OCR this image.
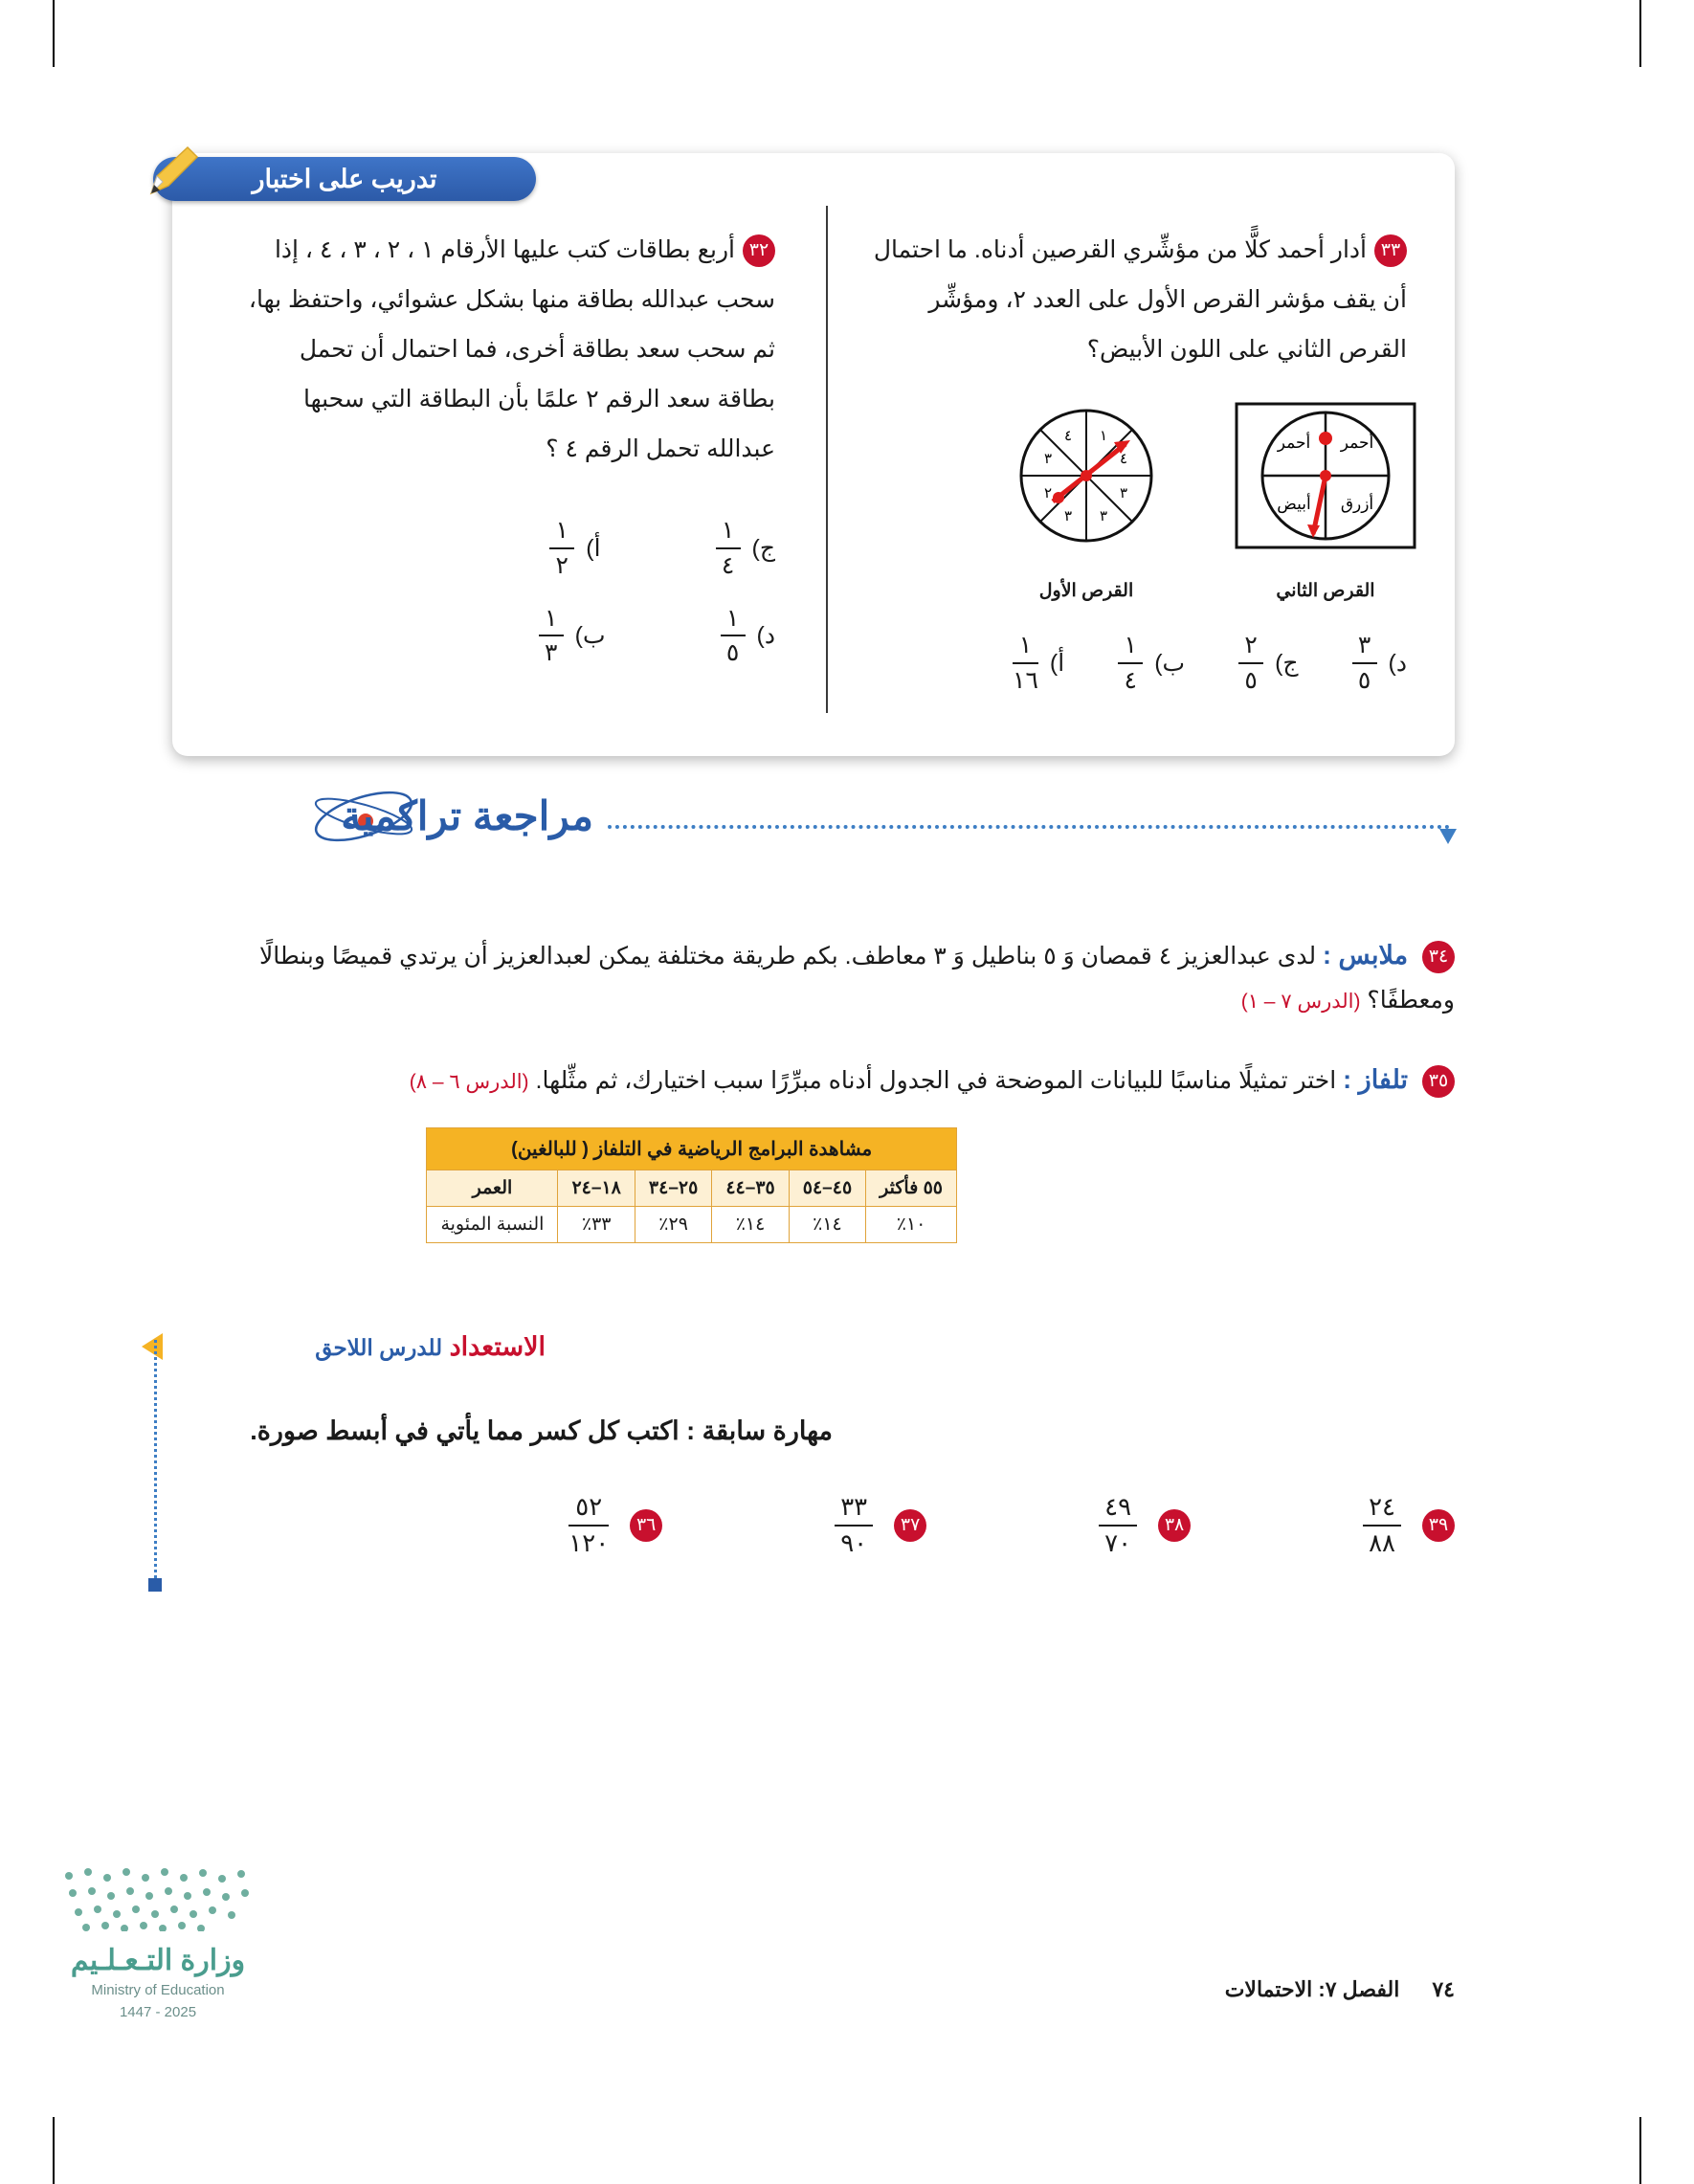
تدريب على اختبار
٣٢أربع بطاقات كتب عليها الأرقام ١ ، ٢ ، ٣ ، ٤ ، إذا سحب عبدالله بطاقة منها بشكل عشوائي، واحتفظ بها، ثم سحب سعد بطاقة أخرى، فما احتمال أن تحمل بطاقة سعد الرقم ٢ علمًا بأن البطاقة التي سحبها عبدالله تحمل الرقم ٤ ؟
ج)
$\frac{١}{٤}$
أ)
$\frac{١}{٢}$
د)
$\frac{١}{٥}$
ب)
$\frac{١}{٣}$
٣٣أدار أحمد كلًّا من مؤشِّري القرصين أدناه. ما احتمال أن يقف مؤشر القرص الأول على العدد ٢، ومؤشِّر القرص الثاني على اللون الأبيض؟
أحمر أحمر
أبيض أزرق
القرص الثاني
١
٤
٣
٣
٣
٢
٣
٤
القرص الأول
د)
$\frac{٣}{٥}$
ج)
$\frac{٢}{٥}$
ب)
$\frac{١}{٤}$
أ)
$\frac{١}{١٦}$
مراجعة تراكمية
٣٤ ملابس : لدى عبدالعزيز ٤ قمصان وَ ٥ بناطيل وَ ٣ معاطف. بكم طريقة مختلفة يمكن لعبدالعزيز أن يرتدي قميصًا وبنطالًا ومعطفًا؟ (الدرس ٧ – ١)
٣٥ تلفاز : اختر تمثيلًا مناسبًا للبيانات الموضحة في الجدول أدناه مبرِّرًا سبب اختيارك، ثم مثِّلها. (الدرس ٦ – ٨)
مشاهدة البرامج الرياضية في التلفاز ( للبالغين)					
٥٥ فأكثر	٤٥–٥٤	٣٥–٤٤	٢٥–٣٤	١٨–٢٤	العمر
١٠٪	١٤٪	١٤٪	٢٩٪	٣٣٪	النسبة المئوية
الاستعداد للدرس اللاحق
مهارة سابقة : اكتب كل كسر مما يأتي في أبسط صورة.
٣٩
$\frac{٢٤}{٨٨}$
٣٨
$\frac{٤٩}{٧٠}$
٣٧
$\frac{٣٣}{٩٠}$
٣٦
$\frac{٥٢}{١٢٠}$
وزارة التـعـلـيم
Ministry of Education
2025 - 1447
٧٤
الفصل ٧: الاحتمالات
